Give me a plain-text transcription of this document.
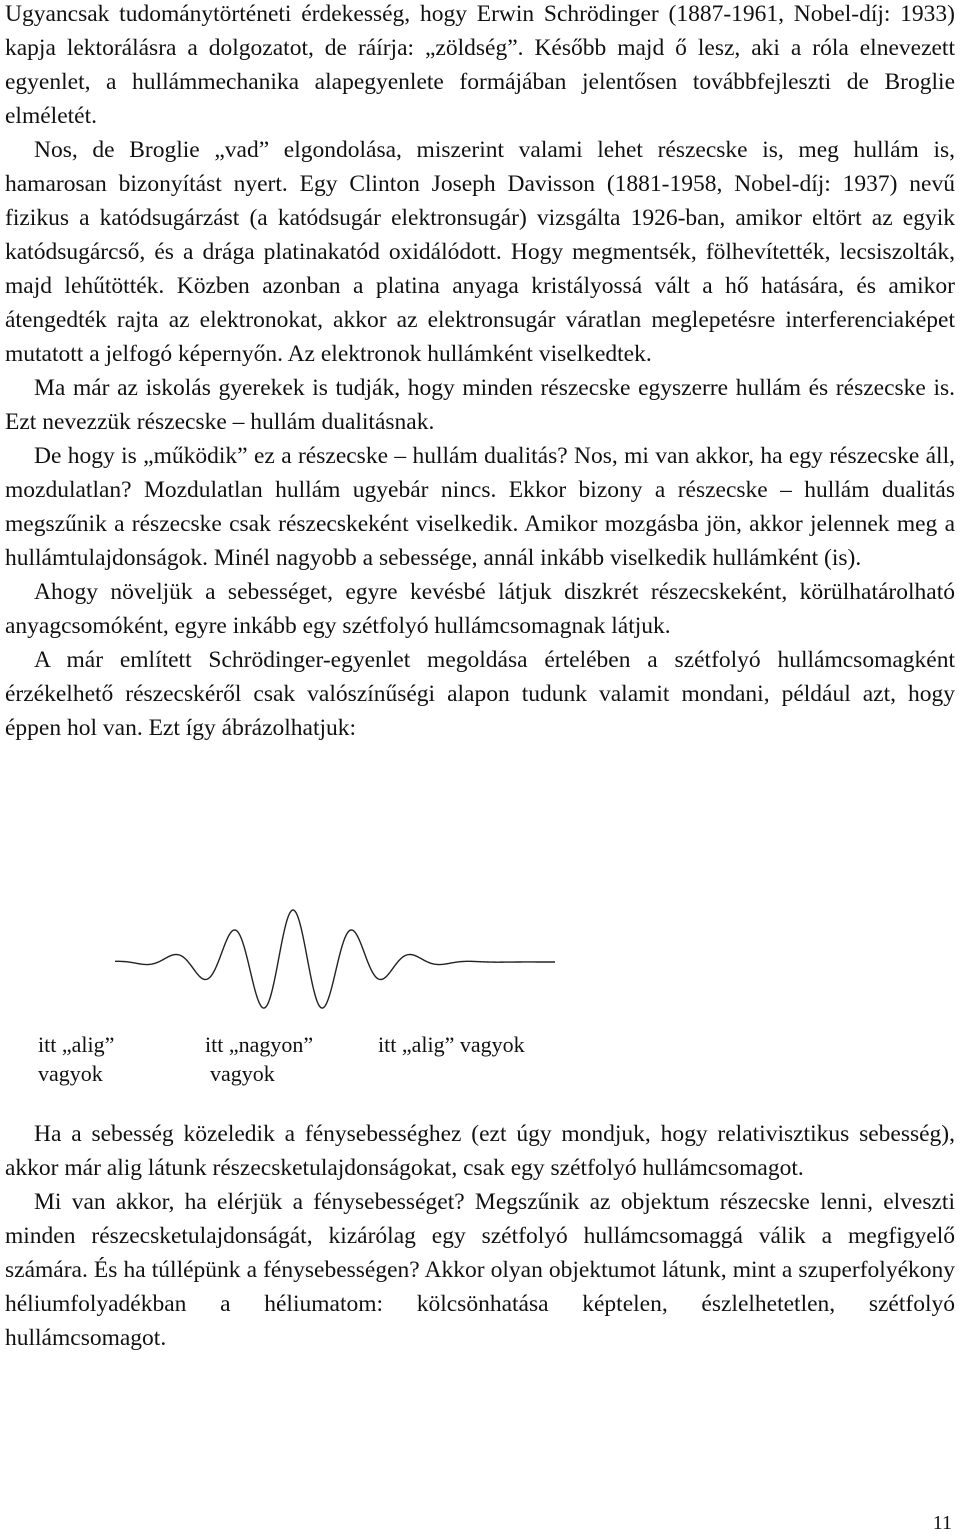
Ugyancsak tudománytörténeti érdekesség, hogy Erwin Schrödinger (1887-1961, Nobel-díj: 1933) kapja lektorálásra a dolgozatot, de ráírja: „zöldség”. Később majd ő lesz, aki a róla elnevezett egyenlet, a hullámmechanika alapegyenlete formájában jelentősen továbbfejleszti de Broglie elméletét.

Nos, de Broglie „vad” elgondolása, miszerint valami lehet részecske is, meg hullám is, hamarosan bizonyítást nyert. Egy Clinton Joseph Davisson (1881-1958, Nobel-díj: 1937) nevű fizikus a katódsugárzást (a katódsugár elektronsugár) vizsgálta 1926-ban, amikor eltört az egyik katódsugárcső, és a drága platinakatód oxidálódott. Hogy megmentsék, fölhevítették, lecsiszolták, majd lehűtötték. Közben azonban a platina anyaga kristályossá vált a hő hatására, és amikor átengedték rajta az elektronokat, akkor az elektronsugár váratlan meglepetésre interferenciaképet mutatott a jelfogó képernyőn. Az elektronok hullámként viselkedtek.

Ma már az iskolás gyerekek is tudják, hogy minden részecske egyszerre hullám és részecske is. Ezt nevezzük részecske – hullám dualitásnak.

De hogy is „működik” ez a részecske – hullám dualitás? Nos, mi van akkor, ha egy részecske áll, mozdulatlan? Mozdulatlan hullám ugyebár nincs. Ekkor bizony a részecske – hullám dualitás megszűnik a részecske csak részecskeként viselkedik. Amikor mozgásba jön, akkor jelennek meg a hullámtulajdonságok. Minél nagyobb a sebessége, annál inkább viselkedik hullámként (is).

Ahogy növeljük a sebességet, egyre kevésbé látjuk diszkrét részecskeként, körülhatárolható anyagcsomóként, egyre inkább egy szétfolyó hullámcsomagnak látjuk.

A már említett Schrödinger-egyenlet megoldása értelében a szétfolyó hullámcsomagként érzékelhető részecskéről csak valószínűségi alapon tudunk valamit mondani, például azt, hogy éppen hol van. Ezt így ábrázolhatjuk:

itt „alig”
vagyok
itt „nagyon”
vagyok
itt „alig” vagyok

Ha a sebesség közeledik a fénysebességhez (ezt úgy mondjuk, hogy relativisztikus sebesség), akkor már alig látunk részecsketulajdonságokat, csak egy szétfolyó hullámcsomagot.

Mi van akkor, ha elérjük a fénysebességet? Megszűnik az objektum részecske lenni, elveszti minden részecsketulajdonságát, kizárólag egy szétfolyó hullámcsomaggá válik a megfigyelő számára. És ha túllépünk a fénysebességen? Akkor olyan objektumot látunk, mint a szuperfolyékony héliumfolyadékban a héliumatom: kölcsönhatása képtelen, észlelhetetlen, szétfolyó hullámcsomagot.

11
